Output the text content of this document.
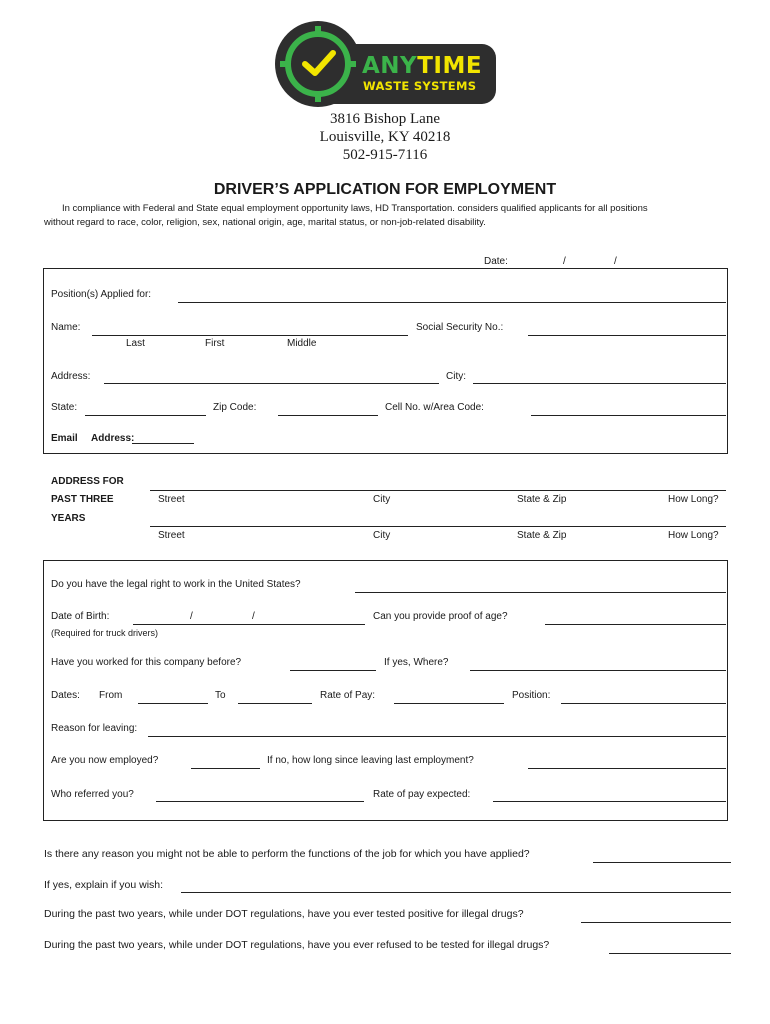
ANYTIME
WASTE SYSTEMS
3816 Bishop Lane
Louisville, KY 40218
502-915-7116
DRIVER’S APPLICATION FOR EMPLOYMENT
In compliance with Federal and State equal employment opportunity laws, HD Transportation. considers qualified applicants for all positions
without regard to race, color, religion, sex, national origin, age, marital status, or non-job-related disability.
Date:	/	/
Position(s) Applied for:
Name:
Last	First	Middle
Social Security No.:
Address:	City:
State:	Zip Code:	Cell No. w/Area Code:
Email Address:
ADDRESS FOR
PAST THREE
YEARS
Street	City	State & Zip	How Long?
Street	City	State & Zip	How Long?
Do you have the legal right to work in the United States?
Date of Birth:	/	/	Can you provide proof of age?
(Required for truck drivers)
Have you worked for this company before?	If yes, Where?
Dates: From	To	Rate of Pay:	Position:
Reason for leaving:
Are you now employed?	If no, how long since leaving last employment?
Who referred you?	Rate of pay expected:
Is there any reason you might not be able to perform the functions of the job for which you have applied?
If yes, explain if you wish:
During the past two years, while under DOT regulations, have you ever tested positive for illegal drugs?
During the past two years, while under DOT regulations, have you ever refused to be tested for illegal drugs?
